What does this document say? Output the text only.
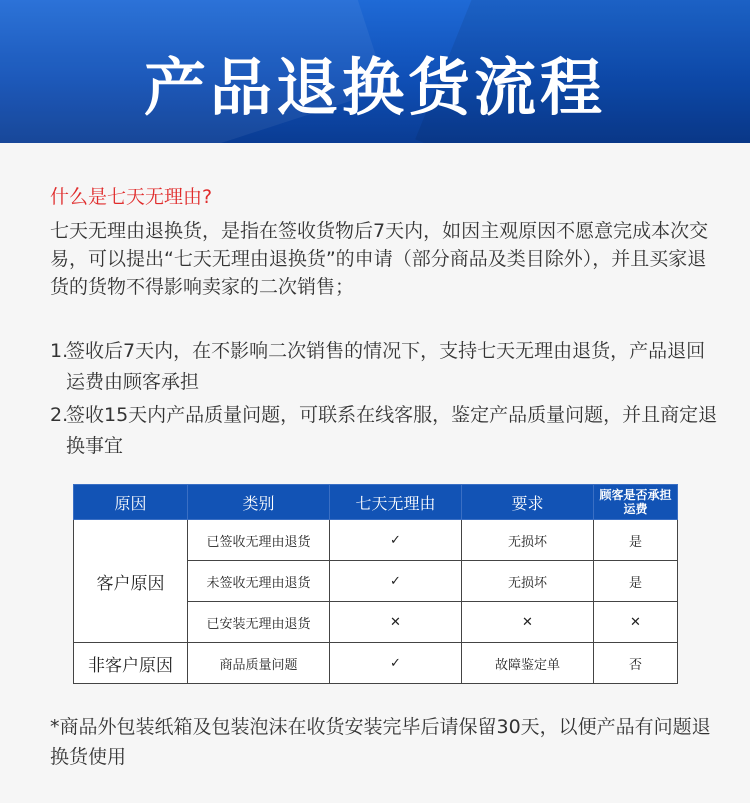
产品退换货流程
什么是七天无理由?
七天无理由退换货，是指在签收货物后7天内，如因主观原因不愿意完成本次交易，可以提出“七天无理由退换货”的申请（部分商品及类目除外），并且买家退货的货物不得影响卖家的二次销售；
1.
签收后7天内，在不影响二次销售的情况下，支持七天无理由退货，产品退回运费由顾客承担
2.
签收15天内产品质量问题，可联系在线客服，鉴定产品质量问题，并且商定退换事宜
原因	类别	七天无理由	要求	顾客是否承担运费
客户原因	已签收无理由退货	✓	无损坏	是
	未签收无理由退货	✓	无损坏	是
	已安装无理由退货	✕	✕	✕
非客户原因	商品质量问题	✓	故障鉴定单	否
*商品外包装纸箱及包装泡沫在收货安装完毕后请保留30天，以便产品有问题退换货使用
